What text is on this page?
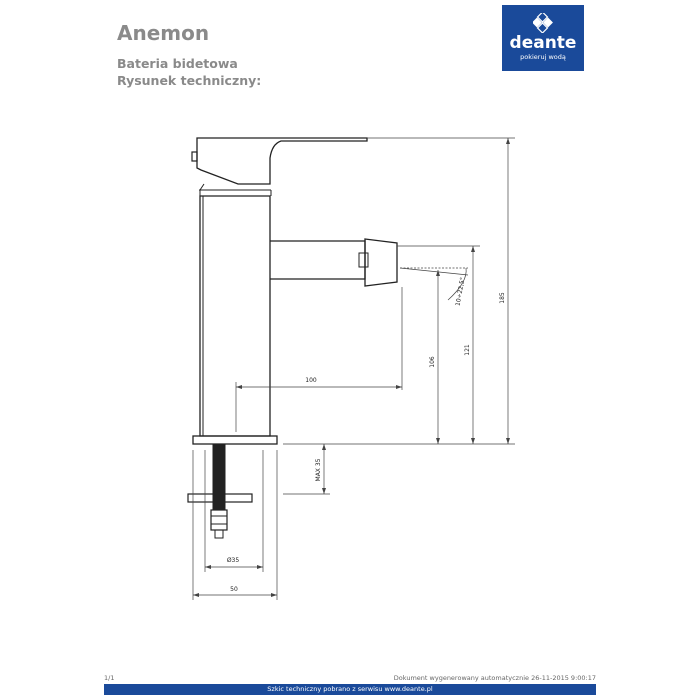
Anemon
Bateria bidetowa
Rysunek techniczny:
deante
pokieruj wodą
100
106
121
185
10÷22,5°
MAX 35
Ø35
50
1/1	Dokument wygenerowany automatycznie 26-11-2015 9:00:17
Szkic techniczny pobrano z serwisu www.deante.pl
